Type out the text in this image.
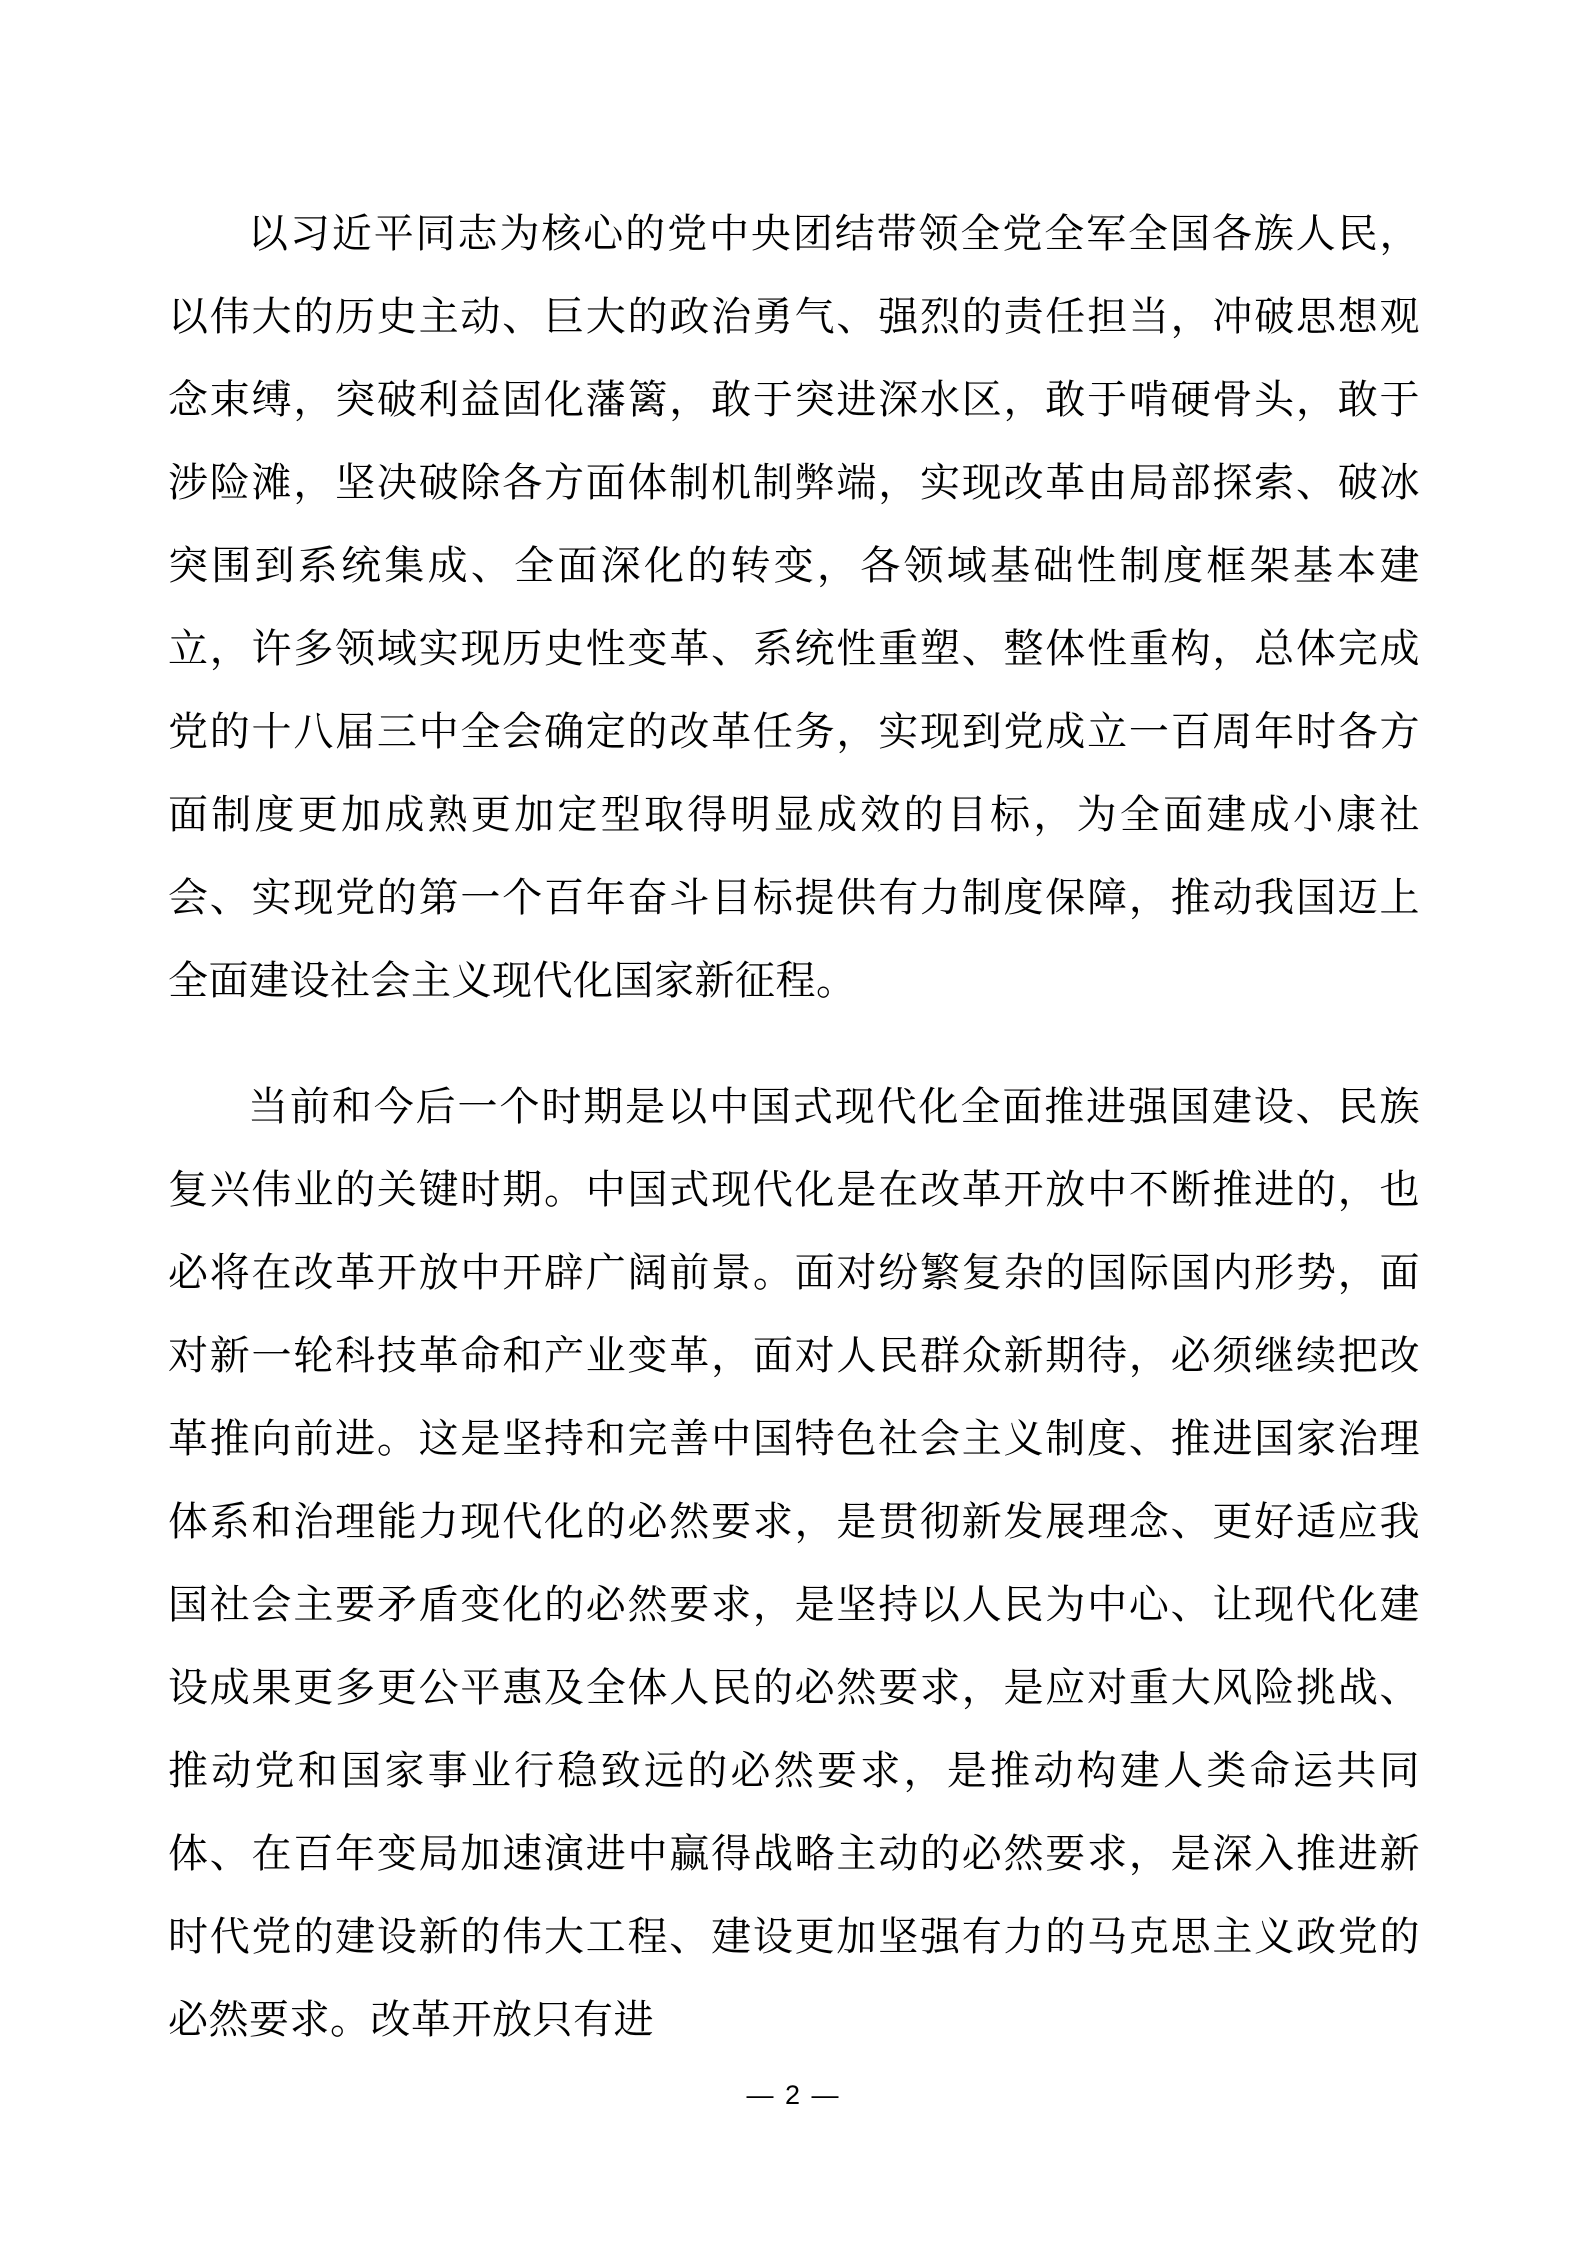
以习近平同志为核心的党中央团结带领全党全军全国各族人民，以伟大的历史主动、巨大的政治勇气、强烈的责任担当，冲破思想观念束缚，突破利益固化藩篱，敢于突进深水区，敢于啃硬骨头，敢于涉险滩，坚决破除各方面体制机制弊端，实现改革由局部探索、破冰突围到系统集成、全面深化的转变，各领域基础性制度框架基本建立，许多领域实现历史性变革、系统性重塑、整体性重构，总体完成党的十八届三中全会确定的改革任务，实现到党成立一百周年时各方面制度更加成熟更加定型取得明显成效的目标，为全面建成小康社会、实现党的第一个百年奋斗目标提供有力制度保障，推动我国迈上全面建设社会主义现代化国家新征程。

当前和今后一个时期是以中国式现代化全面推进强国建设、民族复兴伟业的关键时期。中国式现代化是在改革开放中不断推进的，也必将在改革开放中开辟广阔前景。面对纷繁复杂的国际国内形势，面对新一轮科技革命和产业变革，面对人民群众新期待，必须继续把改革推向前进。这是坚持和完善中国特色社会主义制度、推进国家治理体系和治理能力现代化的必然要求，是贯彻新发展理念、更好适应我国社会主要矛盾变化的必然要求，是坚持以人民为中心、让现代化建设成果更多更公平惠及全体人民的必然要求，是应对重大风险挑战、推动党和国家事业行稳致远的必然要求，是推动构建人类命运共同体、在百年变局加速演进中赢得战略主动的必然要求，是深入推进新时代党的建设新的伟大工程、建设更加坚强有力的马克思主义政党的必然要求。改革开放只有进

— 2 —
